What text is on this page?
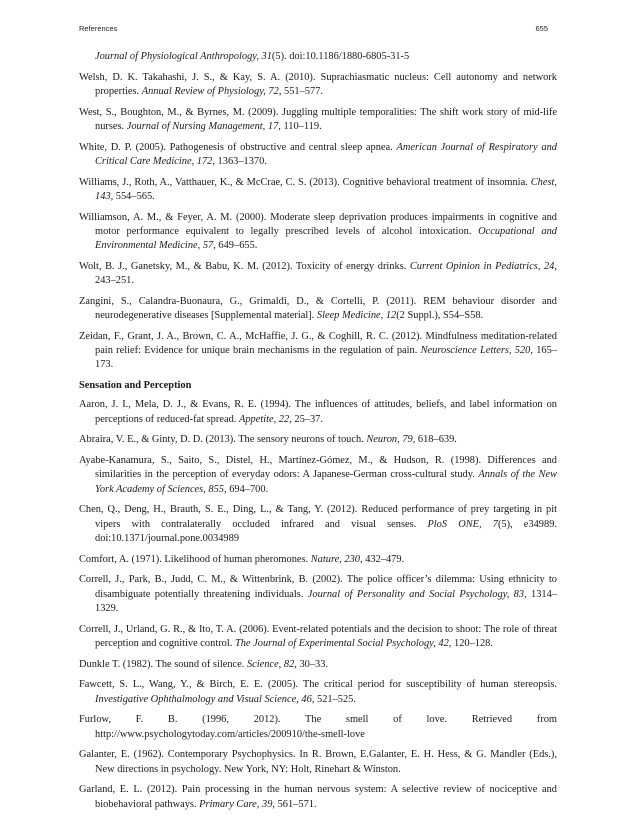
References	655

Journal of Physiological Anthropology, 31(5). doi:10.1186/1880-6805-31-5

Welsh, D. K. Takahashi, J. S., & Kay, S. A. (2010). Suprachiasmatic nucleus: Cell autonomy and network properties. Annual Review of Physiology, 72, 551–577.

West, S., Boughton, M., & Byrnes, M. (2009). Juggling multiple temporalities: The shift work story of mid-life nurses. Journal of Nursing Management, 17, 110–119.

White, D. P. (2005). Pathogenesis of obstructive and central sleep apnea. American Journal of Respiratory and Critical Care Medicine, 172, 1363–1370.

Williams, J., Roth, A., Vatthauer, K., & McCrae, C. S. (2013). Cognitive behavioral treatment of insomnia. Chest, 143, 554–565.

Williamson, A. M., & Feyer, A. M. (2000). Moderate sleep deprivation produces impairments in cognitive and motor performance equivalent to legally prescribed levels of alcohol intoxication. Occupational and Environmental Medicine, 57, 649–655.

Wolt, B. J., Ganetsky, M., & Babu, K. M. (2012). Toxicity of energy drinks. Current Opinion in Pediatrics, 24, 243–251.

Zangini, S., Calandra-Buonaura, G., Grimaldi, D., & Cortelli, P. (2011). REM behaviour disorder and neurodegenerative diseases [Supplemental material]. Sleep Medicine, 12(2 Suppl.), S54–S58.

Zeidan, F., Grant, J. A., Brown, C. A., McHaffie, J. G., & Coghill, R. C. (2012). Mindfulness meditation-related pain relief: Evidence for unique brain mechanisms in the regulation of pain. Neuroscience Letters, 520, 165–173.

Sensation and Perception

Aaron, J. I., Mela, D. J., & Evans, R. E. (1994). The influences of attitudes, beliefs, and label information on perceptions of reduced-fat spread. Appetite, 22, 25–37.

Abraira, V. E., & Ginty, D. D. (2013). The sensory neurons of touch. Neuron, 79, 618–639.

Ayabe-Kanamura, S., Saito, S., Distel, H., Martínez-Gómez, M., & Hudson, R. (1998). Differences and similarities in the perception of everyday odors: A Japanese-German cross-cultural study. Annals of the New York Academy of Sciences, 855, 694–700.

Chen, Q., Deng, H., Brauth, S. E., Ding, L., & Tang, Y. (2012). Reduced performance of prey targeting in pit vipers with contralaterally occluded infrared and visual senses. PloS ONE, 7(5), e34989. doi:10.1371/journal.pone.0034989

Comfort, A. (1971). Likelihood of human pheromones. Nature, 230, 432–479.

Correll, J., Park, B., Judd, C. M., & Wittenbrink, B. (2002). The police officer’s dilemma: Using ethnicity to disambiguate potentially threatening individuals. Journal of Personality and Social Psychology, 83, 1314–1329.

Correll, J., Urland, G. R., & Ito, T. A. (2006). Event-related potentials and the decision to shoot: The role of threat perception and cognitive control. The Journal of Experimental Social Psychology, 42, 120–128.

Dunkle T. (1982). The sound of silence. Science, 82, 30–33.

Fawcett, S. L., Wang, Y., & Birch, E. E. (2005). The critical period for susceptibility of human stereopsis. Investigative Ophthalmology and Visual Science, 46, 521–525.

Furlow, F. B. (1996, 2012). The smell of love. Retrieved from http://www.psychologytoday.com/articles/200910/the-smell-love

Galanter, E. (1962). Contemporary Psychophysics. In R. Brown, E.Galanter, E. H. Hess, & G. Mandler (Eds.), New directions in psychology. New York, NY: Holt, Rinehart & Winston.

Garland, E. L. (2012). Pain processing in the human nervous system: A selective review of nociceptive and biobehavioral pathways. Primary Care, 39, 561–571.
